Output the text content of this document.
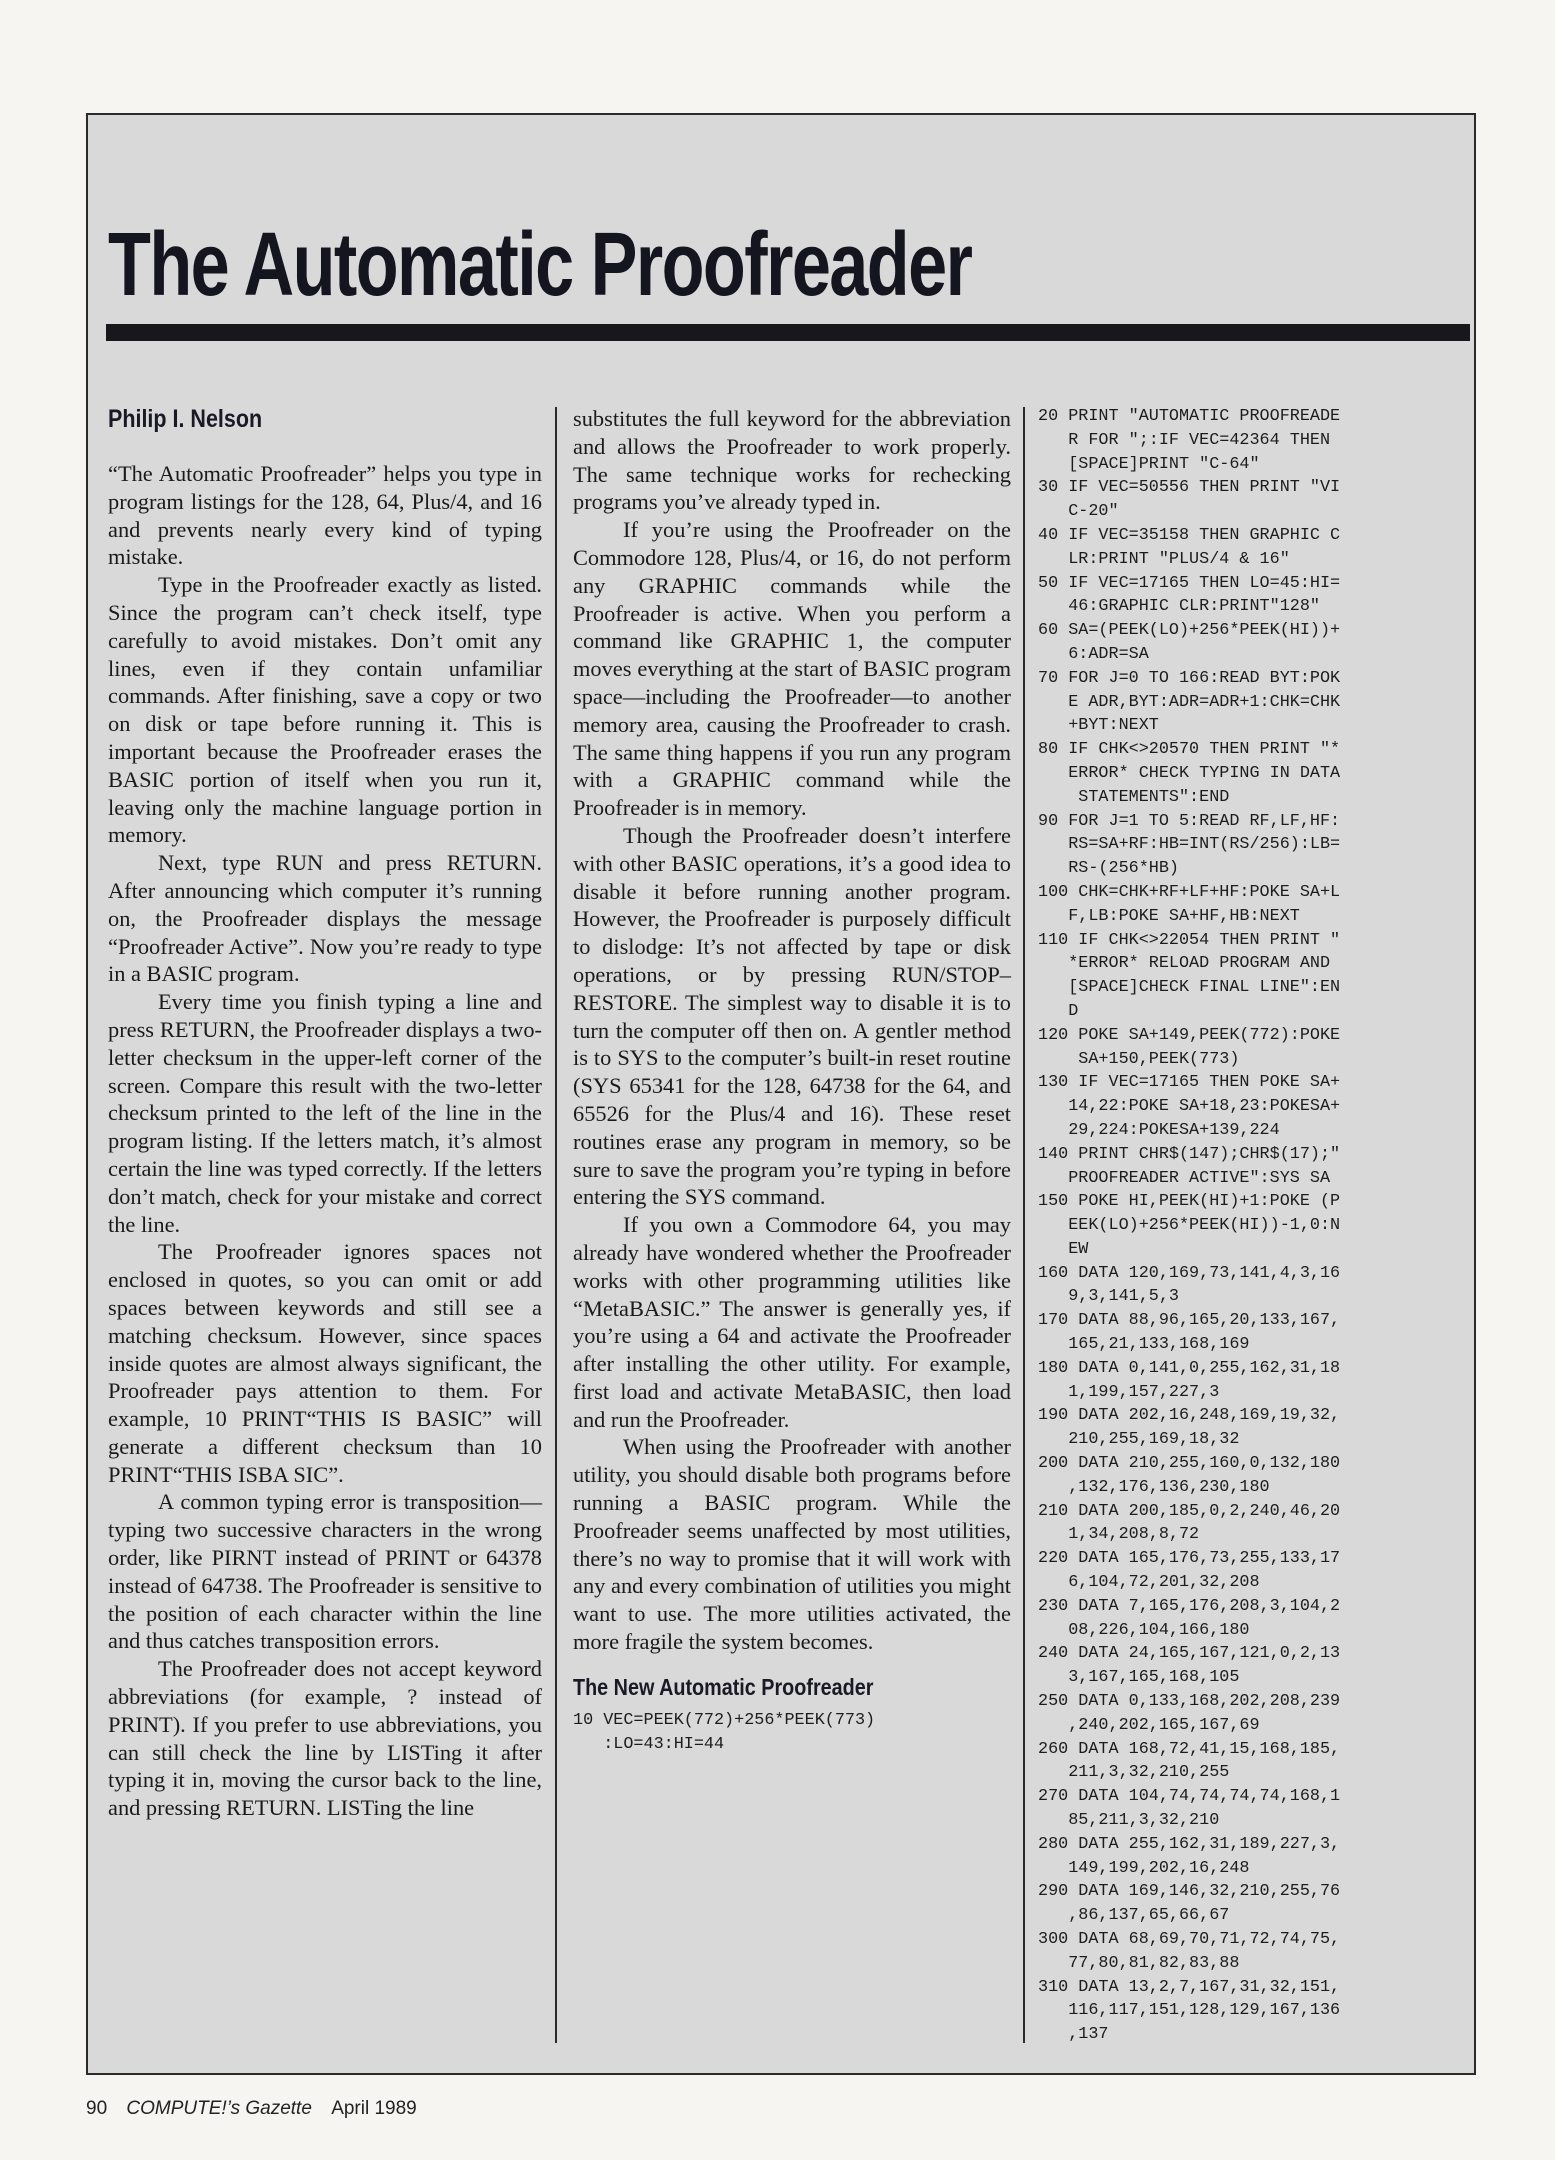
The Automatic Proofreader
Philip I. Nelson

“The Automatic Proofreader” helps you type in program listings for the 128, 64, Plus/4, and 16 and prevents nearly every kind of typing mistake.

Type in the Proofreader exactly as listed. Since the program can’t check itself, type carefully to avoid mistakes. Don’t omit any lines, even if they contain unfamiliar commands. After finishing, save a copy or two on disk or tape before running it. This is important because the Proofreader erases the BASIC portion of itself when you run it, leaving only the machine language portion in memory.

Next, type RUN and press RETURN. After announcing which computer it’s running on, the Proofreader displays the message “Proofreader Active”. Now you’re ready to type in a BASIC program.

Every time you finish typing a line and press RETURN, the Proofreader displays a two-letter checksum in the upper-left corner of the screen. Compare this result with the two-letter checksum printed to the left of the line in the program listing. If the letters match, it’s almost certain the line was typed correctly. If the letters don’t match, check for your mistake and correct the line.

The Proofreader ignores spaces not enclosed in quotes, so you can omit or add spaces between keywords and still see a matching checksum. However, since spaces inside quotes are almost always significant, the Proofreader pays attention to them. For example, 10 PRINT“THIS IS BASIC” will generate a different checksum than 10 PRINT“THIS ISBA SIC”.

A common typing error is transposition—typing two successive characters in the wrong order, like PIRNT instead of PRINT or 64378 instead of 64738. The Proofreader is sensitive to the position of each character within the line and thus catches transposition errors.

The Proofreader does not accept keyword abbreviations (for example, ? instead of PRINT). If you prefer to use abbreviations, you can still check the line by LISTing it after typing it in, moving the cursor back to the line, and pressing RETURN. LISTing the line

substitutes the full keyword for the abbreviation and allows the Proofreader to work properly. The same technique works for rechecking programs you’ve already typed in.

If you’re using the Proofreader on the Commodore 128, Plus/4, or 16, do not perform any GRAPHIC commands while the Proofreader is active. When you perform a command like GRAPHIC 1, the computer moves everything at the start of BASIC program space—including the Proofreader—to another memory area, causing the Proofreader to crash. The same thing happens if you run any program with a GRAPHIC command while the Proofreader is in memory.

Though the Proofreader doesn’t interfere with other BASIC operations, it’s a good idea to disable it before running another program. However, the Proofreader is purposely difficult to dislodge: It’s not affected by tape or disk operations, or by pressing RUN/STOP–RESTORE. The simplest way to disable it is to turn the computer off then on. A gentler method is to SYS to the computer’s built-in reset routine (SYS 65341 for the 128, 64738 for the 64, and 65526 for the Plus/4 and 16). These reset routines erase any program in memory, so be sure to save the program you’re typing in before entering the SYS command.

If you own a Commodore 64, you may already have wondered whether the Proofreader works with other programming utilities like “MetaBASIC.” The answer is generally yes, if you’re using a 64 and activate the Proofreader after installing the other utility. For example, first load and activate MetaBASIC, then load and run the Proofreader.

When using the Proofreader with another utility, you should disable both programs before running a BASIC program. While the Proofreader seems unaffected by most utilities, there’s no way to promise that it will work with any and every combination of utilities you might want to use. The more utilities activated, the more fragile the system becomes.

The New Automatic Proofreader
10 VEC=PEEK(772)+256*PEEK(773)
:LO=43:HI=44
20 PRINT "AUTOMATIC PROOFREADE
R FOR ";:IF VEC=42364 THEN
[SPACE]PRINT "C-64"
30 IF VEC=50556 THEN PRINT "VI
C-20"
40 IF VEC=35158 THEN GRAPHIC C
LR:PRINT "PLUS/4 & 16"
50 IF VEC=17165 THEN LO=45:HI=
46:GRAPHIC CLR:PRINT"128"
60 SA=(PEEK(LO)+256*PEEK(HI))+
6:ADR=SA
70 FOR J=0 TO 166:READ BYT:POK
E ADR,BYT:ADR=ADR+1:CHK=CHK
+BYT:NEXT
80 IF CHK<>20570 THEN PRINT "*
ERROR* CHECK TYPING IN DATA
STATEMENTS":END
90 FOR J=1 TO 5:READ RF,LF,HF:
RS=SA+RF:HB=INT(RS/256):LB=
RS-(256*HB)
100 CHK=CHK+RF+LF+HF:POKE SA+L
F,LB:POKE SA+HF,HB:NEXT
110 IF CHK<>22054 THEN PRINT "
*ERROR* RELOAD PROGRAM AND
[SPACE]CHECK FINAL LINE":EN
D
120 POKE SA+149,PEEK(772):POKE
SA+150,PEEK(773)
130 IF VEC=17165 THEN POKE SA+
14,22:POKE SA+18,23:POKESA+
29,224:POKESA+139,224
140 PRINT CHR$(147);CHR$(17);"
PROOFREADER ACTIVE":SYS SA
150 POKE HI,PEEK(HI)+1:POKE (P
EEK(LO)+256*PEEK(HI))-1,0:N
EW
160 DATA 120,169,73,141,4,3,16
9,3,141,5,3
170 DATA 88,96,165,20,133,167,
165,21,133,168,169
180 DATA 0,141,0,255,162,31,18
1,199,157,227,3
190 DATA 202,16,248,169,19,32,
210,255,169,18,32
200 DATA 210,255,160,0,132,180
,132,176,136,230,180
210 DATA 200,185,0,2,240,46,20
1,34,208,8,72
220 DATA 165,176,73,255,133,17
6,104,72,201,32,208
230 DATA 7,165,176,208,3,104,2
08,226,104,166,180
240 DATA 24,165,167,121,0,2,13
3,167,165,168,105
250 DATA 0,133,168,202,208,239
,240,202,165,167,69
260 DATA 168,72,41,15,168,185,
211,3,32,210,255
270 DATA 104,74,74,74,74,168,1
85,211,3,32,210
280 DATA 255,162,31,189,227,3,
149,199,202,16,248
290 DATA 169,146,32,210,255,76
,86,137,65,66,67
300 DATA 68,69,70,71,72,74,75,
77,80,81,82,83,88
310 DATA 13,2,7,167,31,32,151,
116,117,151,128,129,167,136
,137

90 COMPUTE!’s Gazette April 1989
